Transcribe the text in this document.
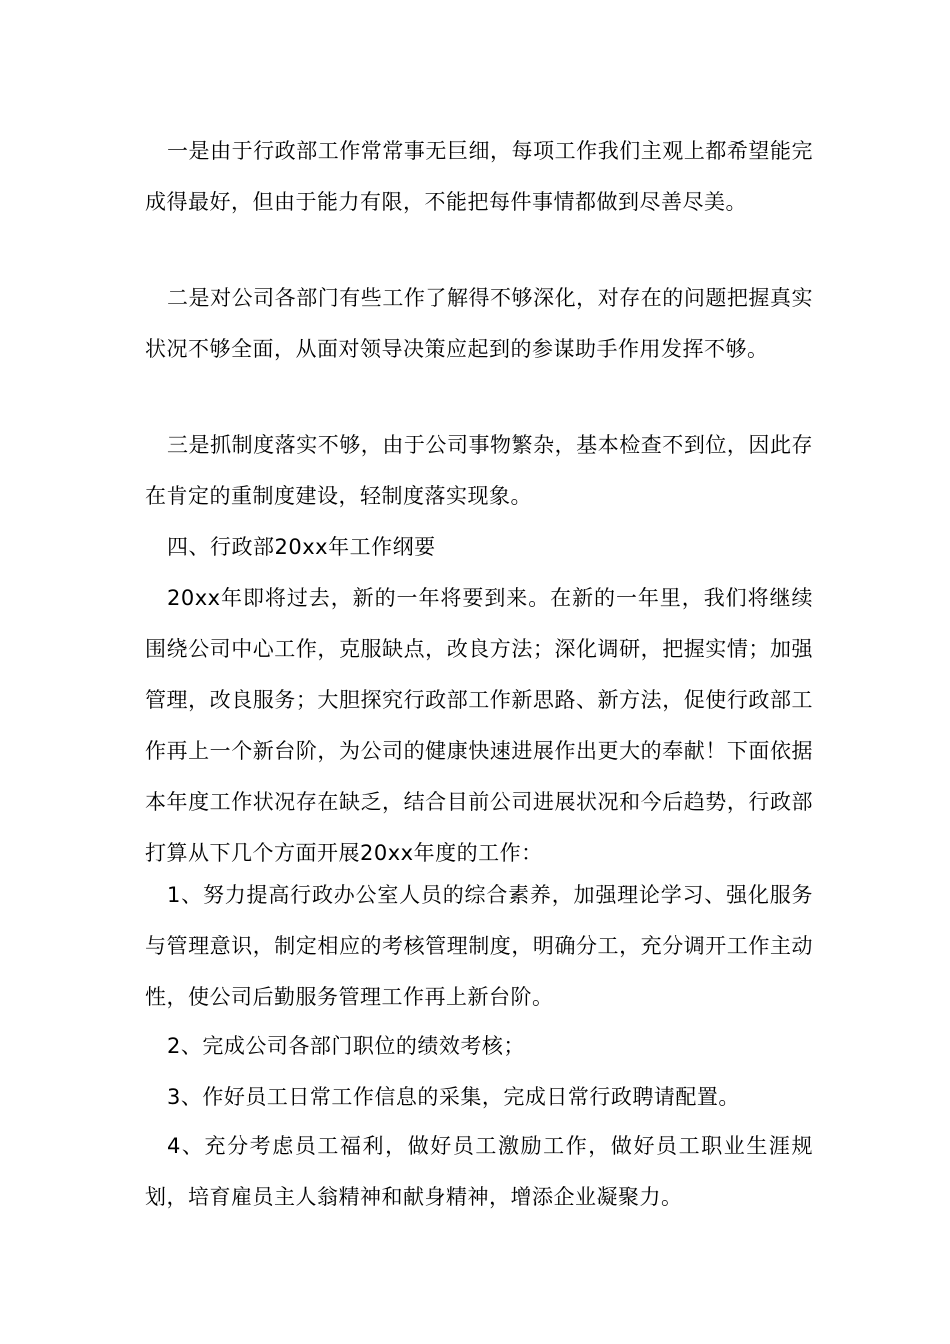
一是由于行政部工作常常事无巨细，每项工作我们主观上都希望能完成得最好，但由于能力有限，不能把每件事情都做到尽善尽美。

二是对公司各部门有些工作了解得不够深化，对存在的问题把握真实状况不够全面，从面对领导决策应起到的参谋助手作用发挥不够。

三是抓制度落实不够，由于公司事物繁杂，基本检查不到位，因此存在肯定的重制度建设，轻制度落实现象。

四、行政部20xx年工作纲要

20xx年即将过去，新的一年将要到来。在新的一年里，我们将继续围绕公司中心工作，克服缺点，改良方法；深化调研，把握实情；加强管理，改良服务；大胆探究行政部工作新思路、新方法，促使行政部工作再上一个新台阶，为公司的健康快速进展作出更大的奉献！下面依据本年度工作状况存在缺乏，结合目前公司进展状况和今后趋势，行政部打算从下几个方面开展20xx年度的工作：

1、努力提高行政办公室人员的综合素养，加强理论学习、强化服务与管理意识，制定相应的考核管理制度，明确分工，充分调开工作主动性，使公司后勤服务管理工作再上新台阶。

2、完成公司各部门职位的绩效考核；

3、作好员工日常工作信息的采集，完成日常行政聘请配置。

4、充分考虑员工福利，做好员工激励工作，做好员工职业生涯规划，培育雇员主人翁精神和献身精神，增添企业凝聚力。
